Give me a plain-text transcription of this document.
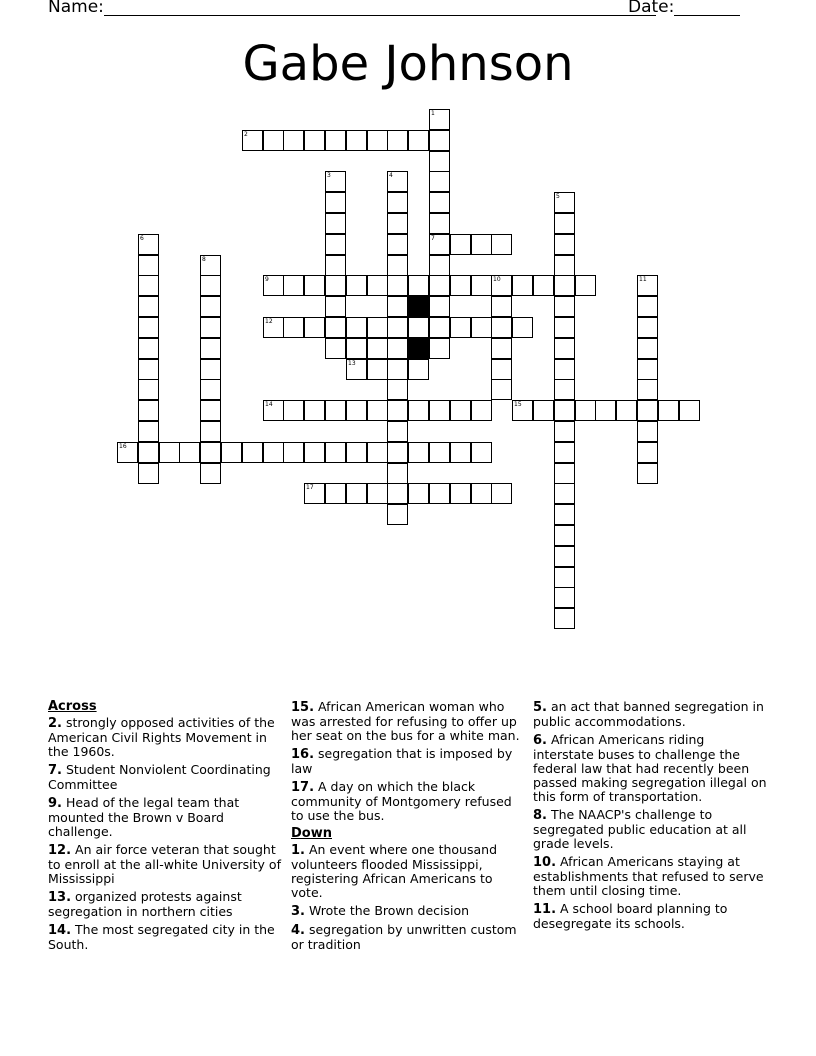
Name:	Date:
Gabe Johnson
1
2
3	4
5
6	7
8
9	10	11
12
13
14	15
16
17
Across
2. strongly opposed activities of the American Civil Rights Movement in the 1960s.
7. Student Nonviolent Coordinating Committee
9. Head of the legal team that mounted the Brown v Board challenge.
12. An air force veteran that sought to enroll at the all-white University of Mississippi
13. organized protests against segregation in northern cities
14. The most segregated city in the South.
15. African American woman who was arrested for refusing to offer up her seat on the bus for a white man.
16. segregation that is imposed by law
17. A day on which the black community of Montgomery refused to use the bus.
Down
1. An event where one thousand volunteers flooded Mississippi, registering African Americans to vote.
3. Wrote the Brown decision
4. segregation by unwritten custom or tradition
5. an act that banned segregation in public accommodations.
6. African Americans riding interstate buses to challenge the federal law that had recently been passed making segregation illegal on this form of transportation.
8. The NAACP's challenge to segregated public education at all grade levels.
10. African Americans staying at establishments that refused to serve them until closing time.
11. A school board planning to desegregate its schools.
